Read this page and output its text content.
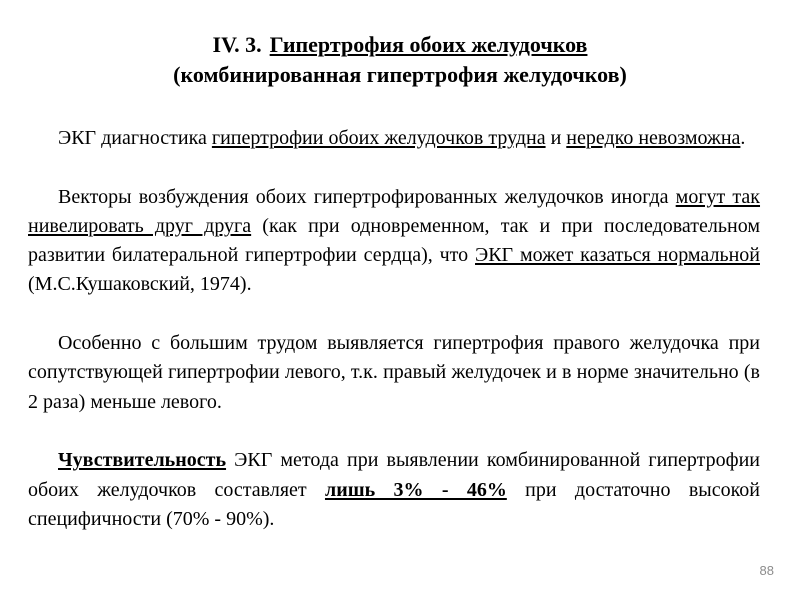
IV. 3. Гипертрофия обоих желудочков
(комбинированная гипертрофия желудочков)

ЭКГ диагностика гипертрофии обоих желудочков трудна и нередко невозможна.

Векторы возбуждения обоих гипертрофированных желудочков иногда могут так нивелировать друг друга (как при одновременном, так и при последовательном развитии билатеральной гипертрофии сердца), что ЭКГ может казаться нормальной (М.С.Кушаковский, 1974).

Особенно с большим трудом выявляется гипертрофия правого желудочка при сопутствующей гипертрофии левого, т.к. правый желудочек и в норме значительно (в 2 раза) меньше левого.

Чувствительность ЭКГ метода при выявлении комбинированной гипертрофии обоих желудочков составляет лишь 3% - 46% при достаточно высокой специфичности (70% - 90%).

88
